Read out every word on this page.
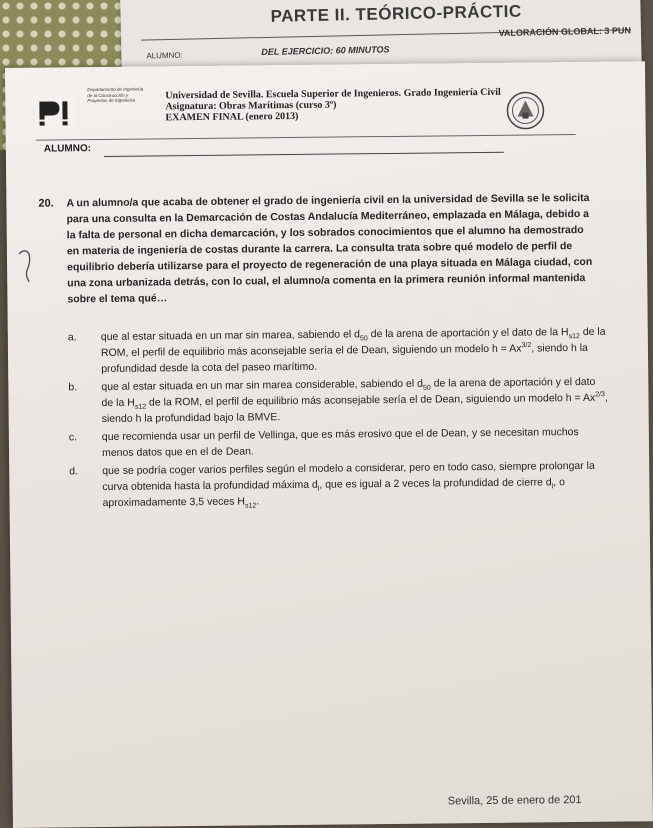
PARTE II. TEÓRICO-PRÁCTIC
ALUMNO:	DEL EJERCICIO: 60 MINUTOS
VALORACIÓN GLOBAL: 3 PUN
Departamento de Ingeniería de la Construcción y Proyectos de Ingeniería	Universidad de Sevilla. Escuela Superior de Ingenieros. Grado Ingeniería Civil
Asignatura: Obras Marítimas (curso 3º)
EXAMEN FINAL (enero 2013)
ALUMNO:
20. A un alumno/a que acaba de obtener el grado de ingeniería civil en la universidad de Sevilla se le solicita para una consulta en la Demarcación de Costas Andalucía Mediterráneo, emplazada en Málaga, debido a la falta de personal en dicha demarcación, y los sobrados conocimientos que el alumno ha demostrado en materia de ingeniería de costas durante la carrera. La consulta trata sobre qué modelo de perfil de equilibrio debería utilizarse para el proyecto de regeneración de una playa situada en Málaga ciudad, con una zona urbanizada detrás, con lo cual, el alumno/a comenta en la primera reunión informal mantenida sobre el tema qué…
a. que al estar situada en un mar sin marea, sabiendo el $d_{50}$ de la arena de aportación y el dato de la $H_{s12}$ de la ROM, el perfil de equilibrio más aconsejable sería el de Dean, siguiendo un modelo $h = Ax^{3/2}$, siendo h la profundidad desde la cota del paseo marítimo.
b. que al estar situada en un mar sin marea considerable, sabiendo el $d_{50}$ de la arena de aportación y el dato de la $H_{s12}$ de la ROM, el perfil de equilibrio más aconsejable sería el de Dean, siguiendo un modelo $h = Ax^{2/3}$, siendo h la profundidad bajo la BMVE.
c. que recomienda usar un perfil de Vellinga, que es más erosivo que el de Dean, y se necesitan muchos menos datos que en el de Dean.
d. que se podría coger varios perfiles según el modelo a considerar, pero en todo caso, siempre prolongar la curva obtenida hasta la profundidad máxima $d_l$, que es igual a 2 veces la profundidad de cierre $d_l$, o aproximadamente 3,5 veces $H_{s12}$.
Sevilla, 25 de enero de 201
